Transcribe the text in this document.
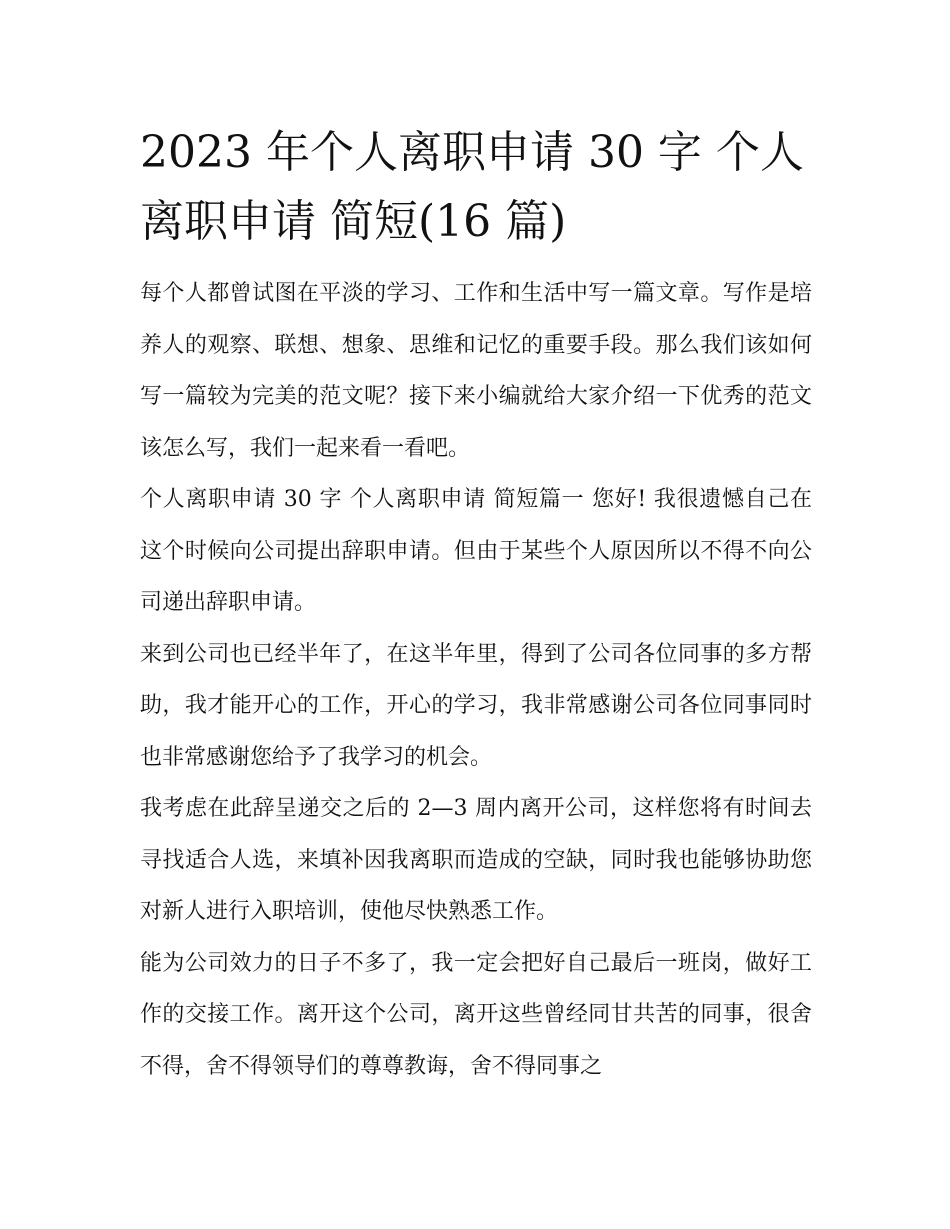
2023 年个人离职申请 30 字 个人离职申请 简短(16 篇)

每个人都曾试图在平淡的学习、工作和生活中写一篇文章。写作是培养人的观察、联想、想象、思维和记忆的重要手段。那么我们该如何写一篇较为完美的范文呢？接下来小编就给大家介绍一下优秀的范文该怎么写，我们一起来看一看吧。

个人离职申请 30 字 个人离职申请 简短篇一 您好! 我很遗憾自己在这个时候向公司提出辞职申请。但由于某些个人原因所以不得不向公司递出辞职申请。

来到公司也已经半年了，在这半年里，得到了公司各位同事的多方帮助，我才能开心的工作，开心的学习，我非常感谢公司各位同事同时也非常感谢您给予了我学习的机会。

我考虑在此辞呈递交之后的 2—3 周内离开公司，这样您将有时间去寻找适合人选，来填补因我离职而造成的空缺，同时我也能够协助您对新人进行入职培训，使他尽快熟悉工作。

能为公司效力的日子不多了，我一定会把好自己最后一班岗，做好工作的交接工作。离开这个公司，离开这些曾经同甘共苦的同事，很舍不得，舍不得领导们的尊尊教诲，舍不得同事之
